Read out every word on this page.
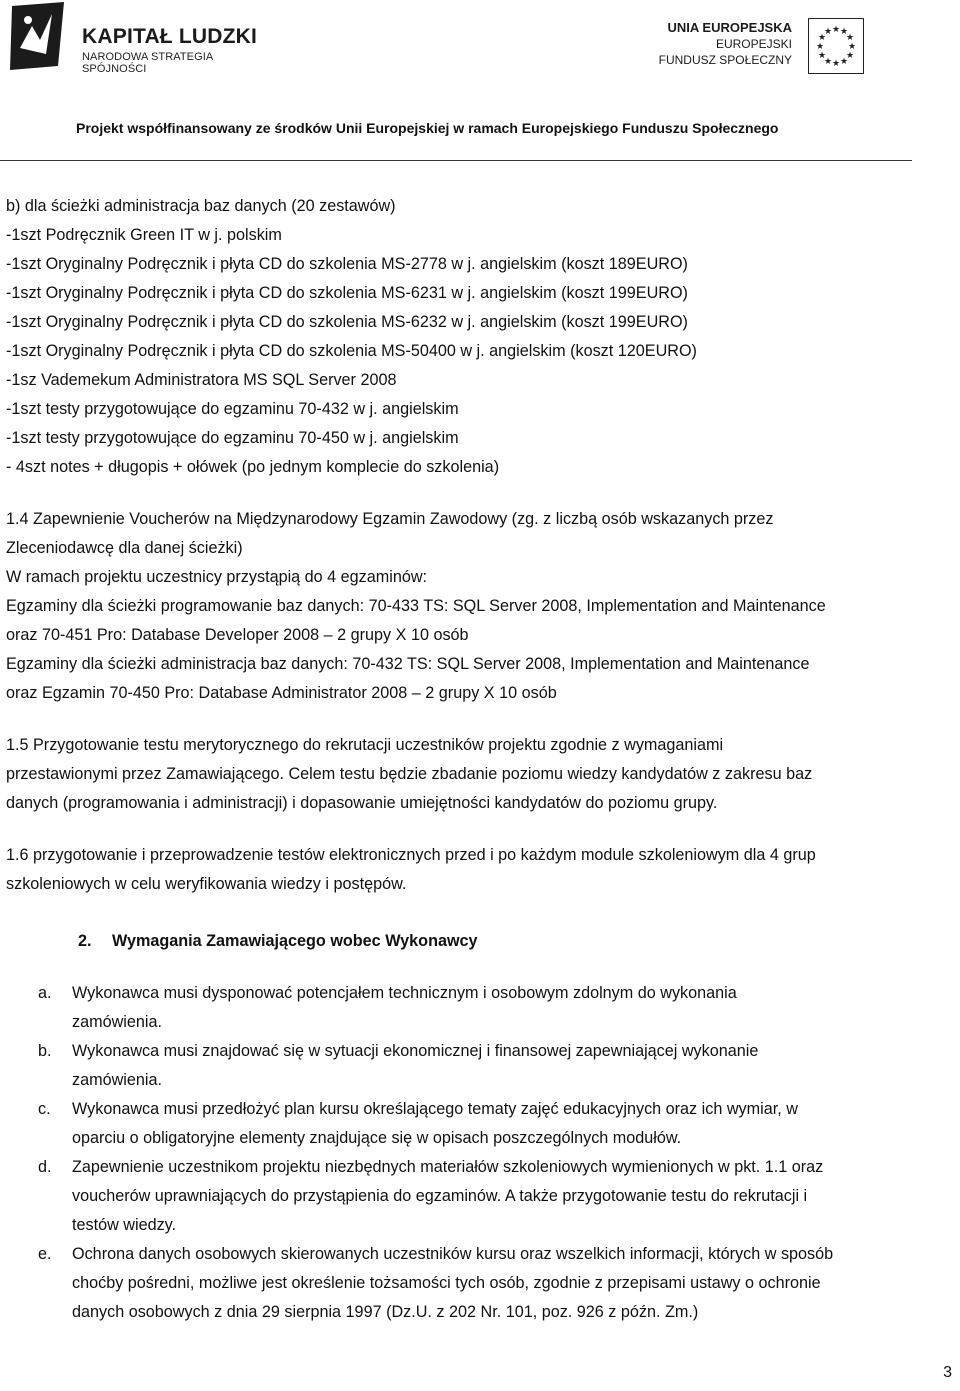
KAPITAŁ LUDZKI
NARODOWA STRATEGIA SPÓJNOŚCI
UNIA EUROPEJSKA
EUROPEJSKI
FUNDUSZ SPOŁECZNY
★ ★
★
★
★
★
★
★
★
★
★
★
Projekt współfinansowany ze środków Unii Europejskiej w ramach Europejskiego Funduszu Społecznego
b) dla ścieżki administracja baz danych (20 zestawów)
-1szt Podręcznik Green IT w j. polskim
-1szt Oryginalny Podręcznik i płyta CD do szkolenia MS-2778 w j. angielskim (koszt 189EURO)
-1szt Oryginalny Podręcznik i płyta CD do szkolenia MS-6231 w j. angielskim (koszt 199EURO)
-1szt Oryginalny Podręcznik i płyta CD do szkolenia MS-6232 w j. angielskim (koszt 199EURO)
-1szt Oryginalny Podręcznik i płyta CD do szkolenia MS-50400 w j. angielskim (koszt 120EURO)
-1sz Vademekum Administratora MS SQL Server 2008
-1szt testy przygotowujące do egzaminu 70-432 w j. angielskim
-1szt testy przygotowujące do egzaminu 70-450 w j. angielskim
- 4szt notes + długopis + ołówek (po jednym komplecie do szkolenia)
1.4 Zapewnienie Voucherów na Międzynarodowy Egzamin Zawodowy (zg. z liczbą osób wskazanych przez
Zleceniodawcę dla danej ścieżki)
W ramach projektu uczestnicy przystąpią do 4 egzaminów:
Egzaminy dla ścieżki programowanie baz danych: 70-433 TS: SQL Server 2008, Implementation and Maintenance
oraz 70-451 Pro: Database Developer 2008 – 2 grupy X 10 osób
Egzaminy dla ścieżki administracja baz danych: 70-432 TS: SQL Server 2008, Implementation and Maintenance
oraz Egzamin 70-450 Pro: Database Administrator 2008 – 2 grupy X 10 osób
1.5 Przygotowanie testu merytorycznego do rekrutacji uczestników projektu zgodnie z wymaganiami
przestawionymi przez Zamawiającego. Celem testu będzie zbadanie poziomu wiedzy kandydatów z zakresu baz
danych (programowania i administracji) i dopasowanie umiejętności kandydatów do poziomu grupy.
1.6 przygotowanie i przeprowadzenie testów elektronicznych przed i po każdym module szkoleniowym dla 4 grup
szkoleniowych w celu weryfikowania wiedzy i postępów.
2. Wymagania Zamawiającego wobec Wykonawcy
a. Wykonawca musi dysponować potencjałem technicznym i osobowym zdolnym do wykonania
zamówienia.
b. Wykonawca musi znajdować się w sytuacji ekonomicznej i finansowej zapewniającej wykonanie
zamówienia.
c. Wykonawca musi przedłożyć plan kursu określającego tematy zajęć edukacyjnych oraz ich wymiar, w
oparciu o obligatoryjne elementy znajdujące się w opisach poszczególnych modułów.
d. Zapewnienie uczestnikom projektu niezbędnych materiałów szkoleniowych wymienionych w pkt. 1.1 oraz
voucherów uprawniających do przystąpienia do egzaminów. A także przygotowanie testu do rekrutacji i
testów wiedzy.
e. Ochrona danych osobowych skierowanych uczestników kursu oraz wszelkich informacji, których w sposób
choćby pośredni, możliwe jest określenie tożsamości tych osób, zgodnie z przepisami ustawy o ochronie
danych osobowych z dnia 29 sierpnia 1997 (Dz.U. z 202 Nr. 101, poz. 926 z późn. Zm.)
3
